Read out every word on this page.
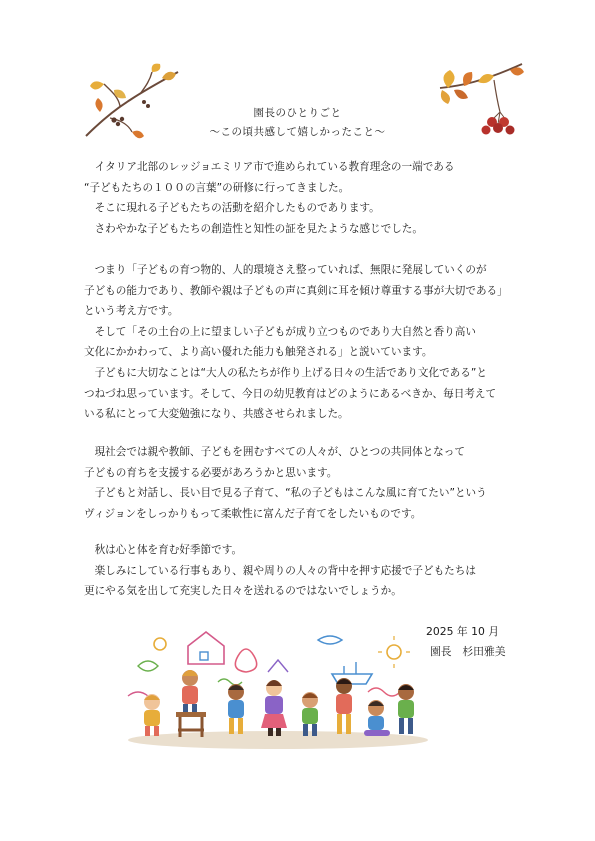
園長のひとりごと
〜この頃共感して嬉しかったこと〜

　イタリア北部のレッジョエミリア市で進められている教育理念の一端である
“子どもたちの１００の言葉”の研修に行ってきました。
　そこに現れる子どもたちの活動を紹介したものであります。
　さわやかな子どもたちの創造性と知性の証を見たような感じでした。

　つまり「子どもの育つ物的、人的環境さえ整っていれば、無限に発展していくのが
子どもの能力であり、教師や親は子どもの声に真剣に耳を傾け尊重する事が大切である」
という考え方です。
　そして「その土台の上に望ましい子どもが成り立つものであり大自然と香り高い
文化にかかわって、より高い優れた能力も触発される」と説いています。
　子どもに大切なことは“大人の私たちが作り上げる日々の生活であり文化である”と
つねづね思っています。そして、今日の幼児教育はどのようにあるべきか、毎日考えて
いる私にとって大変勉強になり、共感させられました。

　現社会では親や教師、子どもを囲むすべての人々が、ひとつの共同体となって
子どもの育ちを支援する必要があろうかと思います。
　子どもと対話し、長い目で見る子育て、“私の子どもはこんな風に育てたい”という
ヴィジョンをしっかりもって柔軟性に富んだ子育てをしたいものです。

　秋は心と体を育む好季節です。
　楽しみにしている行事もあり、親や周りの人々の背中を押す応援で子どもたちは
更にやる気を出して充実した日々を送れるのではないでしょうか。

2025 年 10 月
園長　杉田雅美
